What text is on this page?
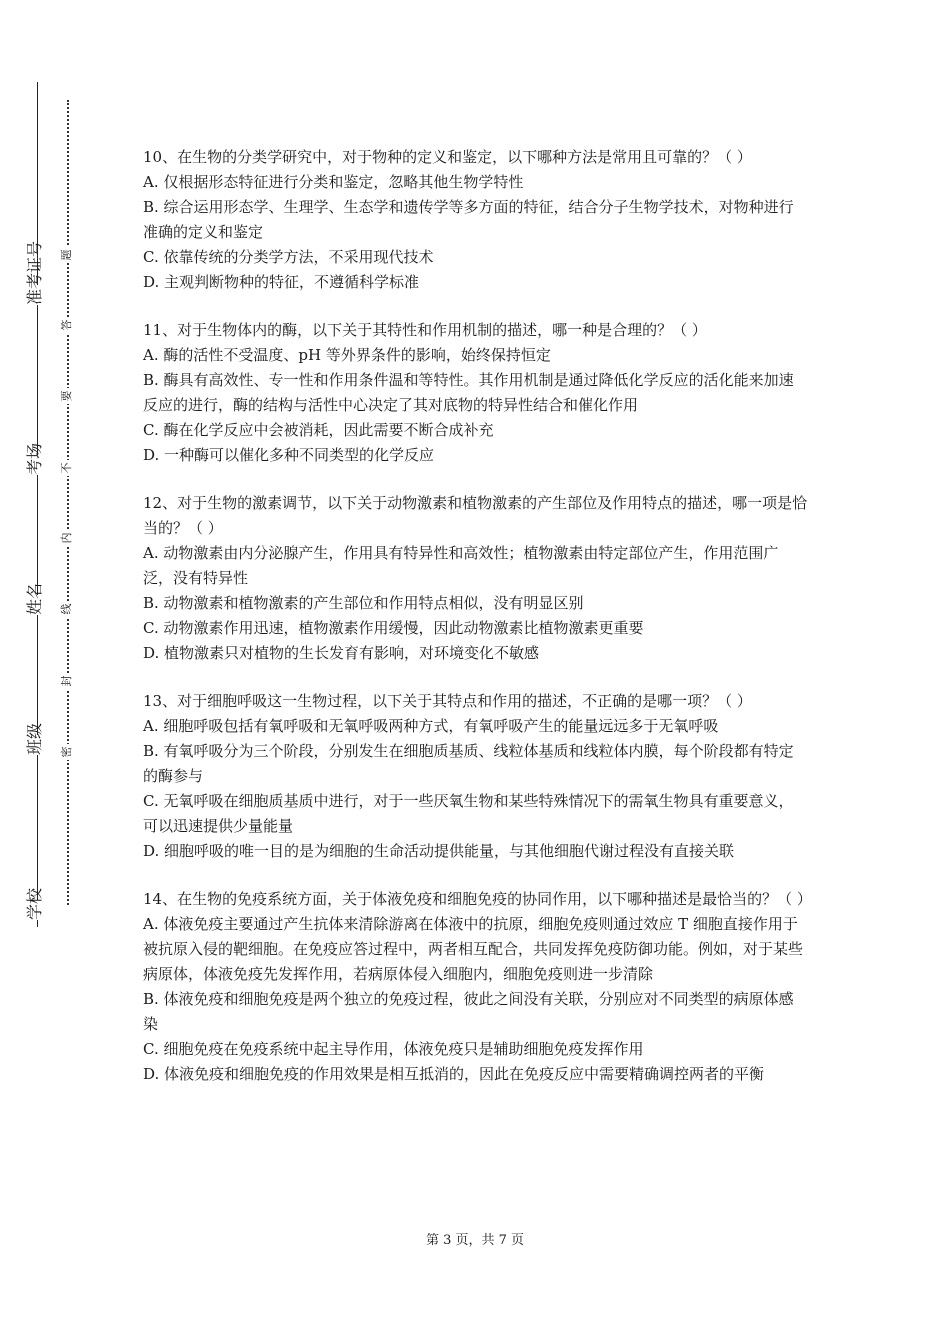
准考证号
考场
姓名
班级
学校
题
答
要
不
内
线
封
密

10、在生物的分类学研究中，对于物种的定义和鉴定，以下哪种方法是常用且可靠的？（ ）

A. 仅根据形态特征进行分类和鉴定，忽略其他生物学特性

B. 综合运用形态学、生理学、生态学和遗传学等多方面的特征，结合分子生物学技术，对物种进行准确的定义和鉴定

C. 依靠传统的分类学方法，不采用现代技术

D. 主观判断物种的特征，不遵循科学标准

11、对于生物体内的酶，以下关于其特性和作用机制的描述，哪一种是合理的？（ ）

A. 酶的活性不受温度、pH 等外界条件的影响，始终保持恒定

B. 酶具有高效性、专一性和作用条件温和等特性。其作用机制是通过降低化学反应的活化能来加速反应的进行，酶的结构与活性中心决定了其对底物的特异性结合和催化作用

C. 酶在化学反应中会被消耗，因此需要不断合成补充

D. 一种酶可以催化多种不同类型的化学反应

12、对于生物的激素调节，以下关于动物激素和植物激素的产生部位及作用特点的描述，哪一项是恰当的？（ ）

A. 动物激素由内分泌腺产生，作用具有特异性和高效性；植物激素由特定部位产生，作用范围广泛，没有特异性

B. 动物激素和植物激素的产生部位和作用特点相似，没有明显区别

C. 动物激素作用迅速，植物激素作用缓慢，因此动物激素比植物激素更重要

D. 植物激素只对植物的生长发育有影响，对环境变化不敏感

13、对于细胞呼吸这一生物过程，以下关于其特点和作用的描述，不正确的是哪一项？（ ）

A. 细胞呼吸包括有氧呼吸和无氧呼吸两种方式，有氧呼吸产生的能量远远多于无氧呼吸

B. 有氧呼吸分为三个阶段，分别发生在细胞质基质、线粒体基质和线粒体内膜，每个阶段都有特定的酶参与

C. 无氧呼吸在细胞质基质中进行，对于一些厌氧生物和某些特殊情况下的需氧生物具有重要意义，可以迅速提供少量能量

D. 细胞呼吸的唯一目的是为细胞的生命活动提供能量，与其他细胞代谢过程没有直接关联

14、在生物的免疫系统方面，关于体液免疫和细胞免疫的协同作用，以下哪种描述是最恰当的？（ ）

A. 体液免疫主要通过产生抗体来清除游离在体液中的抗原，细胞免疫则通过效应 T 细胞直接作用于被抗原入侵的靶细胞。在免疫应答过程中，两者相互配合，共同发挥免疫防御功能。例如，对于某些病原体，体液免疫先发挥作用，若病原体侵入细胞内，细胞免疫则进一步清除

B. 体液免疫和细胞免疫是两个独立的免疫过程，彼此之间没有关联，分别应对不同类型的病原体感染

C. 细胞免疫在免疫系统中起主导作用，体液免疫只是辅助细胞免疫发挥作用

D. 体液免疫和细胞免疫的作用效果是相互抵消的，因此在免疫反应中需要精确调控两者的平衡

第 3 页，共 7 页
